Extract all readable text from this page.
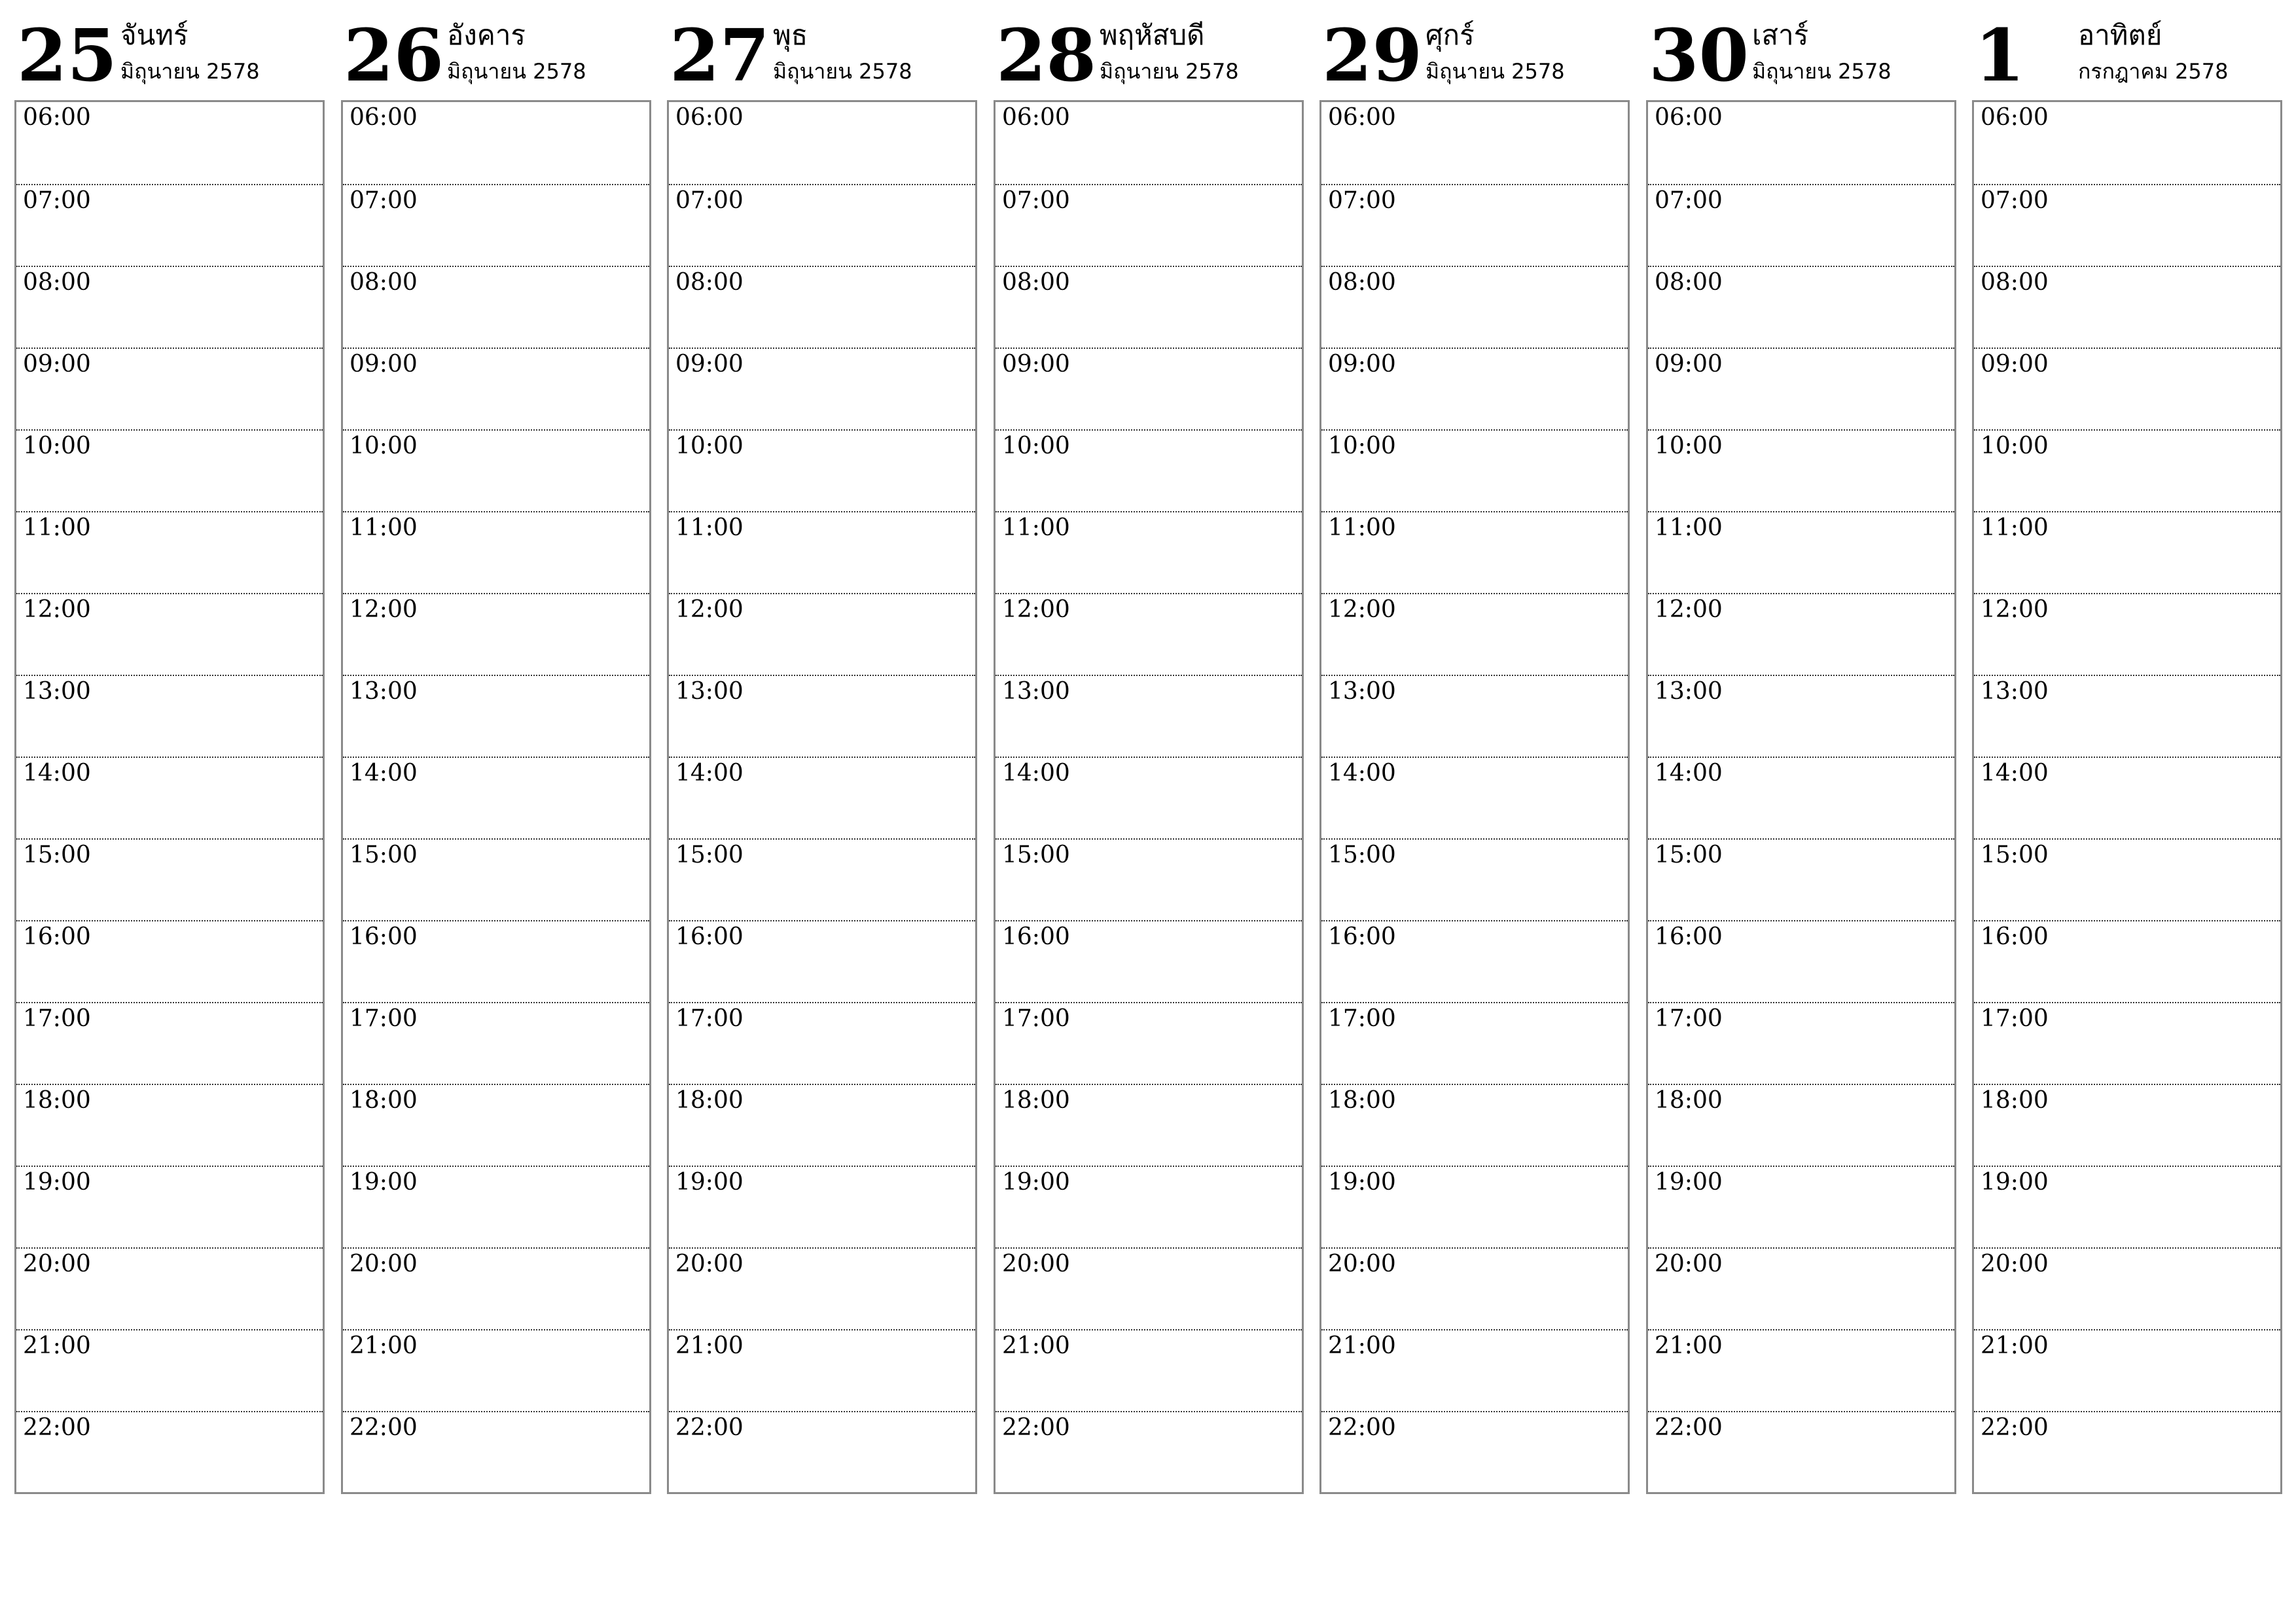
25 จันทร์
มิถุนายน 2578
06:00
07:00
08:00
09:00
10:00
11:00
12:00
13:00
14:00
15:00
16:00
17:00
18:00
19:00
20:00
21:00
22:00
26 อังคาร
มิถุนายน 2578
06:00
07:00
08:00
09:00
10:00
11:00
12:00
13:00
14:00
15:00
16:00
17:00
18:00
19:00
20:00
21:00
22:00
27 พุธ
มิถุนายน 2578
06:00
07:00
08:00
09:00
10:00
11:00
12:00
13:00
14:00
15:00
16:00
17:00
18:00
19:00
20:00
21:00
22:00
28 พฤหัสบดี
มิถุนายน 2578
06:00
07:00
08:00
09:00
10:00
11:00
12:00
13:00
14:00
15:00
16:00
17:00
18:00
19:00
20:00
21:00
22:00
29 ศุกร์
มิถุนายน 2578
06:00
07:00
08:00
09:00
10:00
11:00
12:00
13:00
14:00
15:00
16:00
17:00
18:00
19:00
20:00
21:00
22:00
30 เสาร์
มิถุนายน 2578
06:00
07:00
08:00
09:00
10:00
11:00
12:00
13:00
14:00
15:00
16:00
17:00
18:00
19:00
20:00
21:00
22:00
1 อาทิตย์
กรกฎาคม 2578
06:00
07:00
08:00
09:00
10:00
11:00
12:00
13:00
14:00
15:00
16:00
17:00
18:00
19:00
20:00
21:00
22:00
